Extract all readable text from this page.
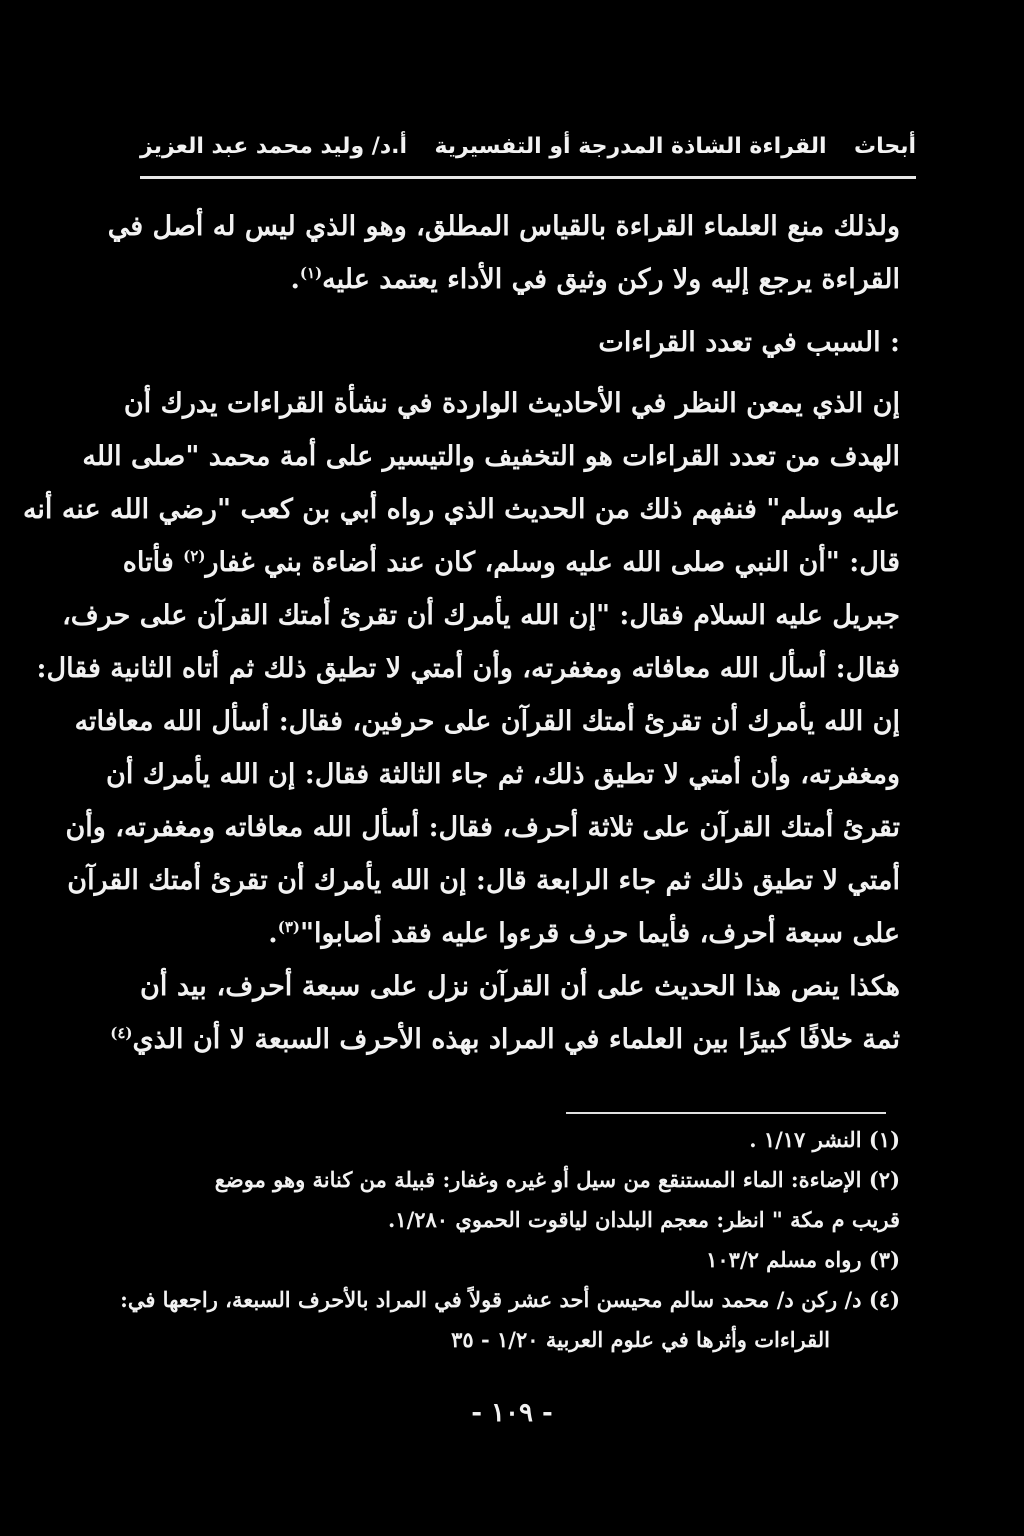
أبحاث
القراءة الشاذة المدرجة أو التفسيرية
أ.د/ وليد محمد عبد العزيز
ولذلك منع العلماء القراءة بالقياس المطلق، وهو الذي ليس له أصل في
القراءة يرجع إليه ولا ركن وثيق في الأداء يعتمد عليه$^{(١)}$.
: السبب في تعدد القراءات
إن الذي يمعن النظر في الأحاديث الواردة في نشأة القراءات يدرك أن
الهدف من تعدد القراءات هو التخفيف والتيسير على أمة محمد "صلى الله
عليه وسلم" فنفهم ذلك من الحديث الذي رواه أبي بن كعب "رضي الله عنه أنه
قال: "أن النبي صلى الله عليه وسلم، كان عند أضاءة بني غفار$^{(٢)}$ فأتاه
جبريل عليه السلام فقال: "إن الله يأمرك أن تقرئ أمتك القرآن على حرف،
فقال: أسأل الله معافاته ومغفرته، وأن أمتي لا تطيق ذلك ثم أتاه الثانية فقال:
إن الله يأمرك أن تقرئ أمتك القرآن على حرفين، فقال: أسأل الله معافاته
ومغفرته، وأن أمتي لا تطيق ذلك، ثم جاء الثالثة فقال: إن الله يأمرك أن
تقرئ أمتك القرآن على ثلاثة أحرف، فقال: أسأل الله معافاته ومغفرته، وأن
أمتي لا تطيق ذلك ثم جاء الرابعة قال: إن الله يأمرك أن تقرئ أمتك القرآن
على سبعة أحرف، فأيما حرف قرءوا عليه فقد أصابوا"$^{(٣)}$.
هكذا ينص هذا الحديث على أن القرآن نزل على سبعة أحرف، بيد أن
ثمة خلافًا كبيرًا بين العلماء في المراد بهذه الأحرف السبعة لا أن الذي$^{(٤)}$
(١) النشر ١/١٧ .
(٢) الإضاءة: الماء المستنقع من سيل أو غيره وغفار: قبيلة من كنانة وهو موضع
قريب م مكة " انظر: معجم البلدان لياقوت الحموي ١/٢٨٠.
(٣) رواه مسلم ١٠٣/٢
(٤) د/ ركن د/ محمد سالم محيسن أحد عشر قولاً في المراد بالأحرف السبعة، راجعها في:
القراءات وأثرها في علوم العربية ١/٢٠ - ٣٥
- ١٠٩ -
